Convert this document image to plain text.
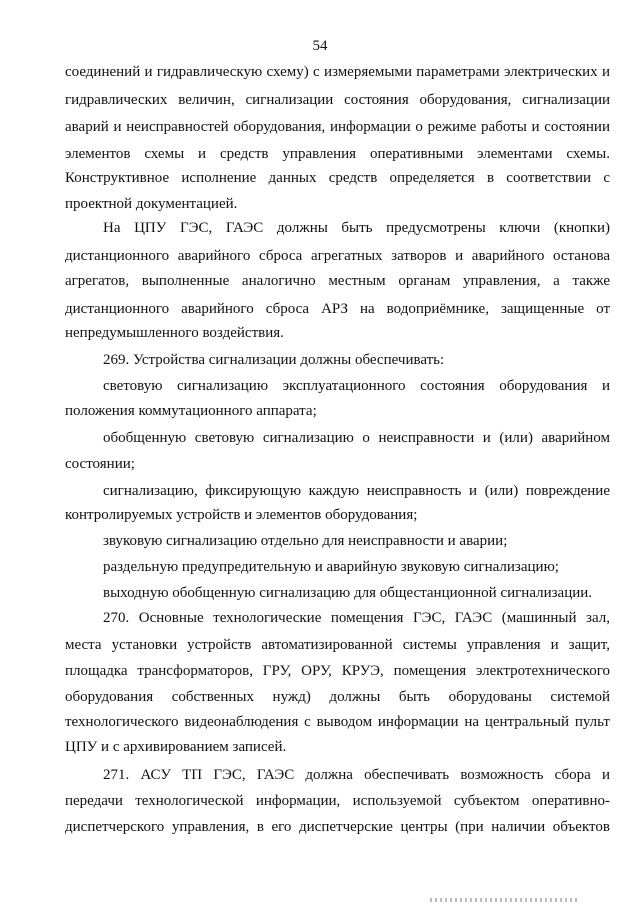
54
соединений и гидравлическую схему) с измеряемыми параметрами электрических и
гидравлических величин, сигнализации состояния оборудования, сигнализации
аварий и неисправностей оборудования, информации о режиме работы и состоянии
элементов схемы и средств управления оперативными элементами схемы.
Конструктивное исполнение данных средств определяется в соответствии с
проектной документацией.
На ЦПУ ГЭС, ГАЭС должны быть предусмотрены ключи (кнопки)
дистанционного аварийного сброса агрегатных затворов и аварийного останова
агрегатов, выполненные аналогично местным органам управления, а также
дистанционного аварийного сброса АРЗ на водоприёмнике, защищенные от
непредумышленного воздействия.
269. Устройства сигнализации должны обеспечивать:
световую сигнализацию эксплуатационного состояния оборудования и
положения коммутационного аппарата;
обобщенную световую сигнализацию о неисправности и (или) аварийном
состоянии;
сигнализацию, фиксирующую каждую неисправность и (или) повреждение
контролируемых устройств и элементов оборудования;
звуковую сигнализацию отдельно для неисправности и аварии;
раздельную предупредительную и аварийную звуковую сигнализацию;
выходную обобщенную сигнализацию для общестанционной сигнализации.
270. Основные технологические помещения ГЭС, ГАЭС (машинный зал,
места установки устройств автоматизированной системы управления и защит,
площадка трансформаторов, ГРУ, ОРУ, КРУЭ, помещения электротехнического
оборудования собственных нужд) должны быть оборудованы системой
технологического видеонаблюдения с выводом информации на центральный пульт
ЦПУ и с архивированием записей.
271. АСУ ТП ГЭС, ГАЭС должна обеспечивать возможность сбора и
передачи технологической информации, используемой субъектом оперативно-
диспетчерского управления, в его диспетчерские центры (при наличии объектов
